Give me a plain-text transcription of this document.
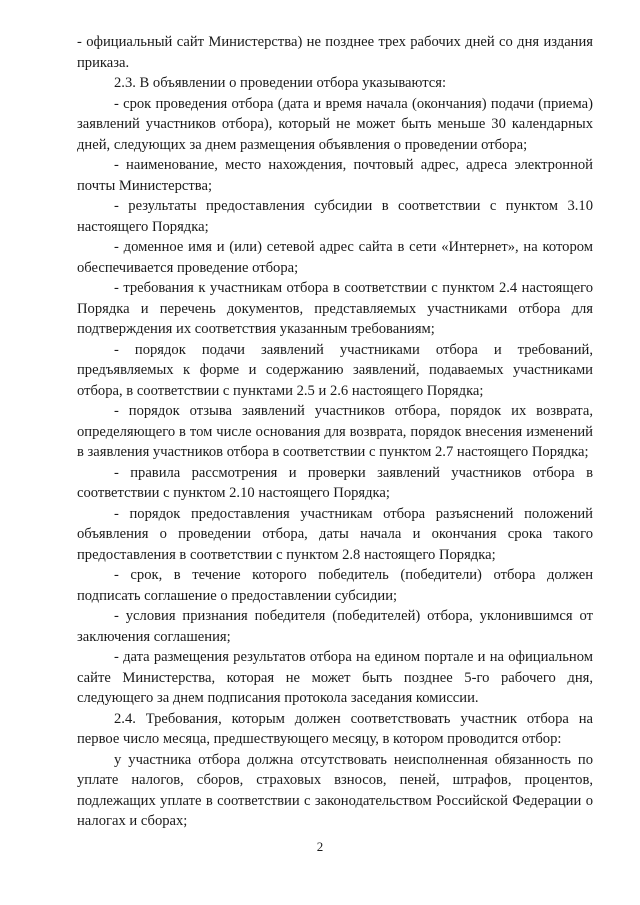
- официальный сайт Министерства) не позднее трех рабочих дней со дня издания приказа.

2.3. В объявлении о проведении отбора указываются:

- срок проведения отбора (дата и время начала (окончания) подачи (приема) заявлений участников отбора), который не может быть меньше 30 календарных дней, следующих за днем размещения объявления о проведении отбора;

- наименование, место нахождения, почтовый адрес, адреса электронной почты Министерства;

- результаты предоставления субсидии в соответствии с пунктом 3.10 настоящего Порядка;

- доменное имя и (или) сетевой адрес сайта в сети «Интернет», на котором обеспечивается проведение отбора;

- требования к участникам отбора в соответствии с пунктом 2.4 настоящего Порядка и перечень документов, представляемых участниками отбора для подтверждения их соответствия указанным требованиям;

- порядок подачи заявлений участниками отбора и требований, предъявляемых к форме и содержанию заявлений, подаваемых участниками отбора, в соответствии с пунктами 2.5 и 2.6 настоящего Порядка;

- порядок отзыва заявлений участников отбора, порядок их возврата, определяющего в том числе основания для возврата, порядок внесения изменений в заявления участников отбора в соответствии с пунктом 2.7 настоящего Порядка;

- правила рассмотрения и проверки заявлений участников отбора в соответствии с пунктом 2.10 настоящего Порядка;

- порядок предоставления участникам отбора разъяснений положений объявления о проведении отбора, даты начала и окончания срока такого предоставления в соответствии с пунктом 2.8 настоящего Порядка;

- срок, в течение которого победитель (победители) отбора должен подписать соглашение о предоставлении субсидии;

- условия признания победителя (победителей) отбора, уклонившимся от заключения соглашения;

- дата размещения результатов отбора на едином портале и на официальном сайте Министерства, которая не может быть позднее 5-го рабочего дня, следующего за днем подписания протокола заседания комиссии.

2.4. Требования, которым должен соответствовать участник отбора на первое число месяца, предшествующего месяцу, в котором проводится отбор:

у участника отбора должна отсутствовать неисполненная обязанность по уплате налогов, сборов, страховых взносов, пеней, штрафов, процентов, подлежащих уплате в соответствии с законодательством Российской Федерации о налогах и сборах;

2
